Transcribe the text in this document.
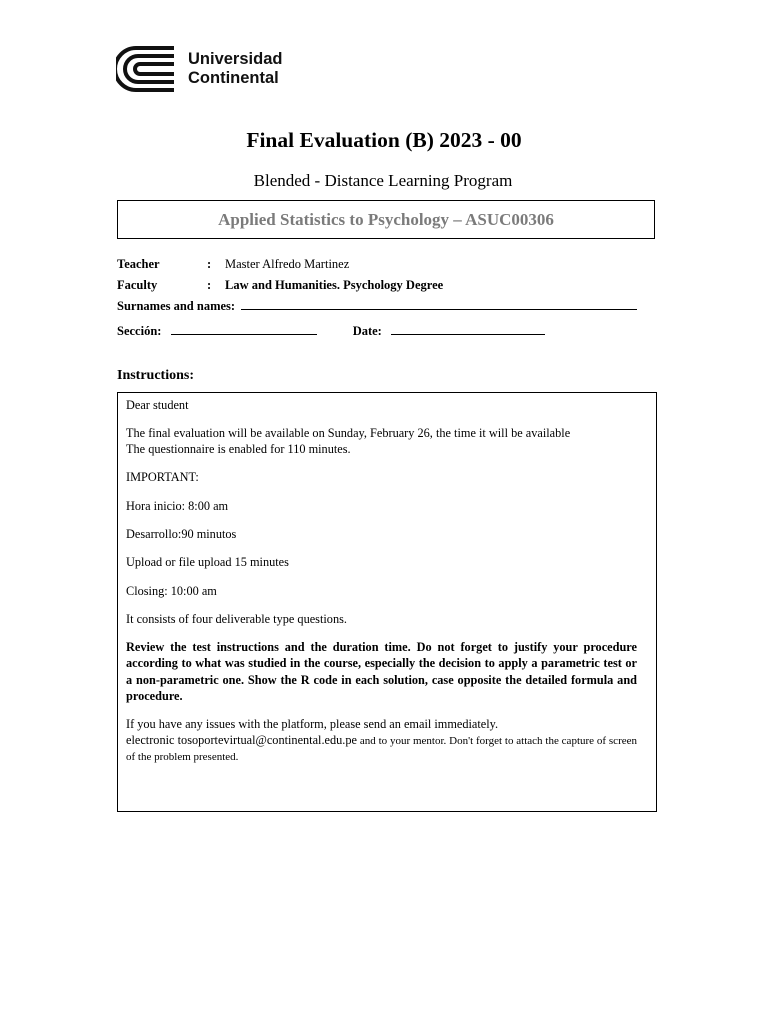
Universidad
Continental
Final Evaluation (B) 2023 - 00
Blended - Distance Learning Program
Applied Statistics to Psychology – ASUC00306
Teacher	: Master Alfredo Martinez
Faculty	: Law and Humanities. Psychology Degree
Surnames and names:
Sección:	Date:
Instructions:
Dear student
The final evaluation will be available on Sunday, February 26, the time it will be available
The questionnaire is enabled for 110 minutes.
IMPORTANT:
Hora inicio: 8:00 am
Desarrollo:90 minutos
Upload or file upload 15 minutes
Closing: 10:00 am
It consists of four deliverable type questions.
Review the test instructions and the duration time. Do not forget to justify your procedure according to what was studied in the course, especially the decision to apply a parametric test or a non-parametric one. Show the R code in each solution, case opposite the detailed formula and procedure.
If you have any issues with the platform, please send an email immediately.
electronic tosoportevirtual@continental.edu.pe and to your mentor. Don't forget to attach the capture of screen of the problem presented.
